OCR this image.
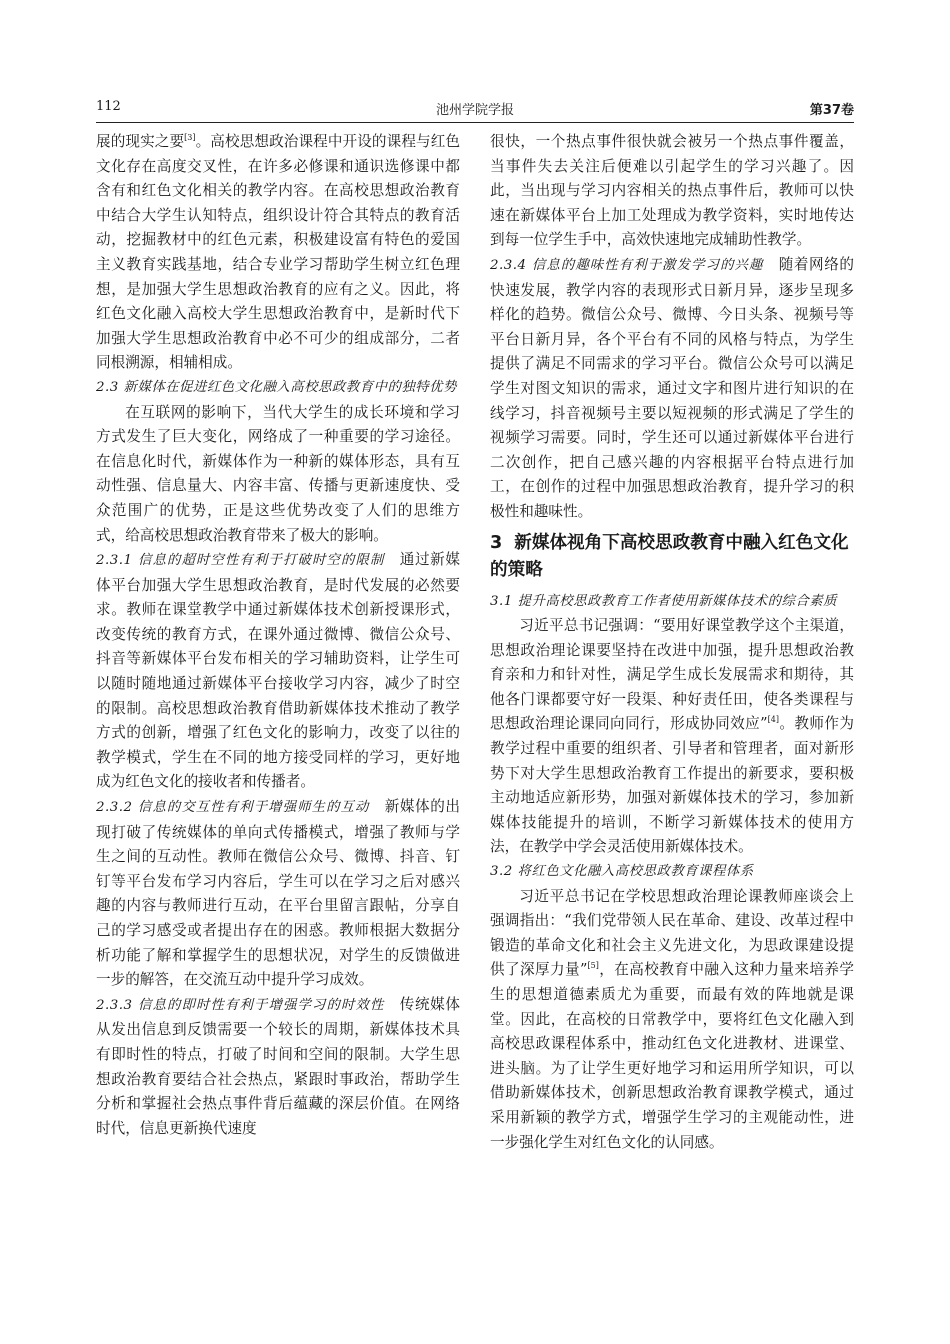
112	池州学院学报	第37卷

展的现实之要[3]。高校思想政治课程中开设的课程与红色文化存在高度交叉性，在许多必修课和通识选修课中都含有和红色文化相关的教学内容。在高校思想政治教育中结合大学生认知特点，组织设计符合其特点的教育活动，挖掘教材中的红色元素，积极建设富有特色的爱国主义教育实践基地，结合专业学习帮助学生树立红色理想，是加强大学生思想政治教育的应有之义。因此，将红色文化融入高校大学生思想政治教育中，是新时代下加强大学生思想政治教育中必不可少的组成部分，二者同根溯源，相辅相成。

2.3 新媒体在促进红色文化融入高校思政教育中的独特优势

在互联网的影响下，当代大学生的成长环境和学习方式发生了巨大变化，网络成了一种重要的学习途径。在信息化时代，新媒体作为一种新的媒体形态，具有互动性强、信息量大、内容丰富、传播与更新速度快、受众范围广的优势，正是这些优势改变了人们的思维方式，给高校思想政治教育带来了极大的影响。

2.3.1 信息的超时空性有利于打破时空的限制　 通过新媒体平台加强大学生思想政治教育，是时代发展的必然要求。教师在课堂教学中通过新媒体技术创新授课形式，改变传统的教育方式，在课外通过微博、微信公众号、抖音等新媒体平台发布相关的学习辅助资料，让学生可以随时随地通过新媒体平台接收学习内容，减少了时空的限制。高校思想政治教育借助新媒体技术推动了教学方式的创新，增强了红色文化的影响力，改变了以往的教学模式，学生在不同的地方接受同样的学习，更好地成为红色文化的接收者和传播者。

2.3.2 信息的交互性有利于增强师生的互动　 新媒体的出现打破了传统媒体的单向式传播模式，增强了教师与学生之间的互动性。教师在微信公众号、微博、抖音、钉钉等平台发布学习内容后，学生可以在学习之后对感兴趣的内容与教师进行互动，在平台里留言跟帖，分享自己的学习感受或者提出存在的困惑。教师根据大数据分析功能了解和掌握学生的思想状况，对学生的反馈做进一步的解答，在交流互动中提升学习成效。

2.3.3 信息的即时性有利于增强学习的时效性　 传统媒体从发出信息到反馈需要一个较长的周期，新媒体技术具有即时性的特点，打破了时间和空间的限制。大学生思想政治教育要结合社会热点，紧跟时事政治，帮助学生分析和掌握社会热点事件背后蕴藏的深层价值。在网络时代，信息更新换代速度

很快，一个热点事件很快就会被另一个热点事件覆盖，当事件失去关注后便难以引起学生的学习兴趣了。因此，当出现与学习内容相关的热点事件后，教师可以快速在新媒体平台上加工处理成为教学资料，实时地传达到每一位学生手中，高效快速地完成辅助性教学。

2.3.4 信息的趣味性有利于激发学习的兴趣　 随着网络的快速发展，教学内容的表现形式日新月异，逐步呈现多样化的趋势。微信公众号、微博、今日头条、视频号等平台日新月异，各个平台有不同的风格与特点，为学生提供了满足不同需求的学习平台。微信公众号可以满足学生对图文知识的需求，通过文字和图片进行知识的在线学习，抖音视频号主要以短视频的形式满足了学生的视频学习需要。同时，学生还可以通过新媒体平台进行二次创作，把自己感兴趣的内容根据平台特点进行加工，在创作的过程中加强思想政治教育，提升学习的积极性和趣味性。

3 新媒体视角下高校思政教育中融入红色文化的策略

3.1 提升高校思政教育工作者使用新媒体技术的综合素质

习近平总书记强调：“要用好课堂教学这个主渠道，思想政治理论课要坚持在改进中加强，提升思想政治教育亲和力和针对性，满足学生成长发展需求和期待，其他各门课都要守好一段渠、种好责任田，使各类课程与思想政治理论课同向同行，形成协同效应”[4]。教师作为教学过程中重要的组织者、引导者和管理者，面对新形势下对大学生思想政治教育工作提出的新要求，要积极主动地适应新形势，加强对新媒体技术的学习，参加新媒体技能提升的培训，不断学习新媒体技术的使用方法，在教学中学会灵活使用新媒体技术。

3.2 将红色文化融入高校思政教育课程体系

习近平总书记在学校思想政治理论课教师座谈会上强调指出：“我们党带领人民在革命、建设、改革过程中锻造的革命文化和社会主义先进文化，为思政课建设提供了深厚力量”[5]，在高校教育中融入这种力量来培养学生的思想道德素质尤为重要，而最有效的阵地就是课堂。因此，在高校的日常教学中，要将红色文化融入到高校思政课程体系中，推动红色文化进教材、进课堂、进头脑。为了让学生更好地学习和运用所学知识，可以借助新媒体技术，创新思想政治教育课教学模式，通过采用新颖的教学方式，增强学生学习的主观能动性，进一步强化学生对红色文化的认同感。
